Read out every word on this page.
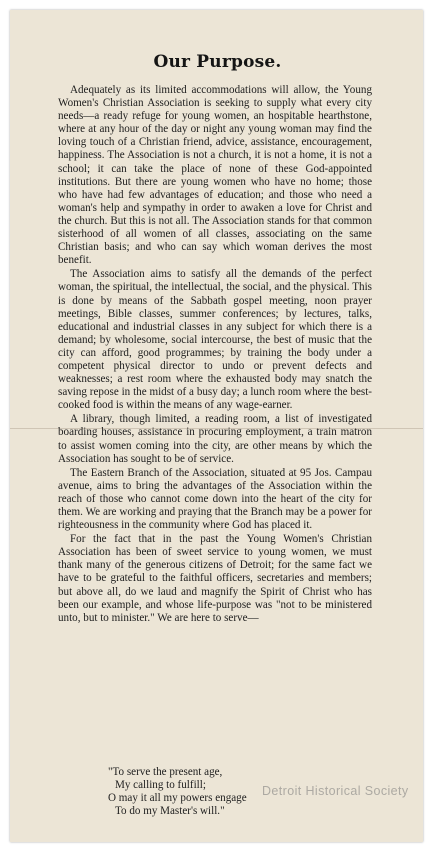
Our Purpose.

Adequately as its limited accommodations will allow, the Young Women's Christian Association is seeking to supply what every city needs—a ready refuge for young women, an hospitable hearthstone, where at any hour of the day or night any young woman may find the loving touch of a Christian friend, advice, assistance, encouragement, happiness. The Association is not a church, it is not a home, it is not a school; it can take the place of none of these God-appointed institutions. But there are young women who have no home; those who have had few advantages of education; and those who need a woman's help and sympathy in order to awaken a love for Christ and the church. But this is not all. The Association stands for that common sisterhood of all women of all classes, associating on the same Christian basis; and who can say which woman derives the most benefit.

The Association aims to satisfy all the demands of the perfect woman, the spiritual, the intellectual, the social, and the physical. This is done by means of the Sabbath gospel meeting, noon prayer meetings, Bible classes, summer conferences; by lectures, talks, educational and industrial classes in any subject for which there is a demand; by wholesome, social intercourse, the best of music that the city can afford, good programmes; by training the body under a competent physical director to undo or prevent defects and weaknesses; a rest room where the exhausted body may snatch the saving repose in the midst of a busy day; a lunch room where the best-cooked food is within the means of any wage-earner.

A library, though limited, a reading room, a list of investigated boarding houses, assistance in procuring employment, a train matron to assist women coming into the city, are other means by which the Association has sought to be of service.

The Eastern Branch of the Association, situated at 95 Jos. Campau avenue, aims to bring the advantages of the Association within the reach of those who cannot come down into the heart of the city for them. We are working and praying that the Branch may be a power for righteousness in the community where God has placed it.

For the fact that in the past the Young Women's Christian Association has been of sweet service to young women, we must thank many of the generous citizens of Detroit; for the same fact we have to be grateful to the faithful officers, secretaries and members; but above all, do we laud and magnify the Spirit of Christ who has been our example, and whose life-purpose was "not to be ministered unto, but to minister." We are here to serve—

"To serve the present age,
My calling to fulfill;
O may it all my powers engage
To do my Master's will."
Detroit Historical Society
